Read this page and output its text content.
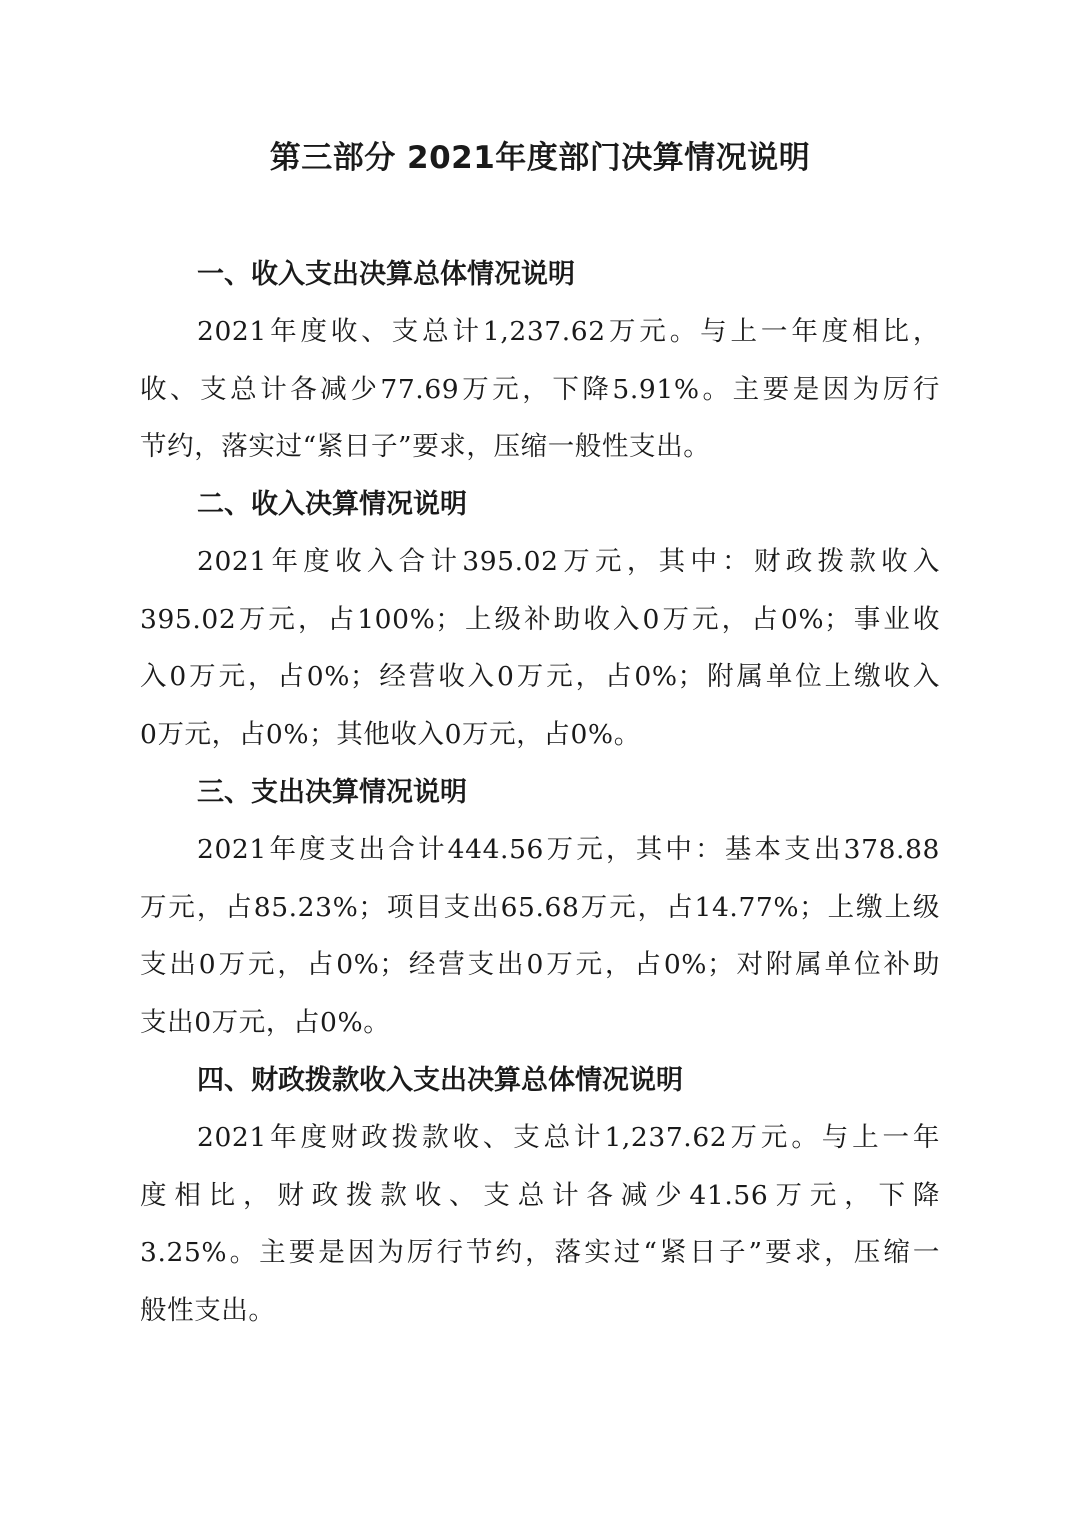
第三部分 2021年度部门决算情况说明
一、收入支出决算总体情况说明
2021年度收、支总计1,237.62万元。与上一年度相比，
收、支总计各减少77.69万元，下降5.91%。主要是因为厉行
节约，落实过“紧日子”要求，压缩一般性支出。
二、收入决算情况说明
2021年度收入合计395.02万元，其中：财政拨款收入
395.02万元，占100%；上级补助收入0万元，占0%；事业收
入0万元，占0%；经营收入0万元，占0%；附属单位上缴收入
0万元，占0%；其他收入0万元，占0%。
三、支出决算情况说明
2021年度支出合计444.56万元，其中：基本支出378.88
万元，占85.23%；项目支出65.68万元，占14.77%；上缴上级
支出0万元，占0%；经营支出0万元，占0%；对附属单位补助
支出0万元，占0%。
四、财政拨款收入支出决算总体情况说明
2021年度财政拨款收、支总计1,237.62万元。与上一年
度相比，财政拨款收、支总计各减少41.56万元，下降
3.25%。主要是因为厉行节约，落实过“紧日子”要求，压缩一
般性支出。
